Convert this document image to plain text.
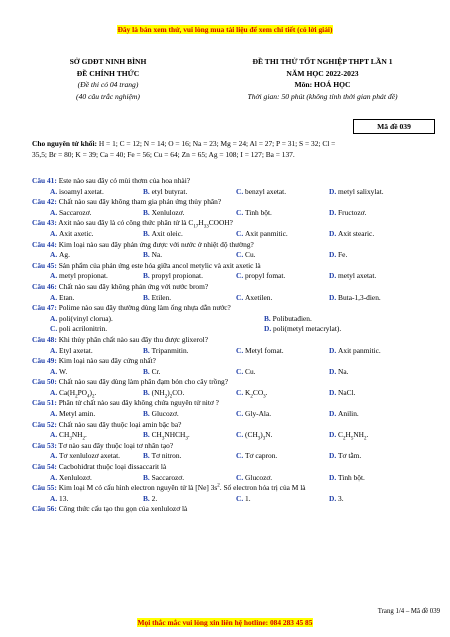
Đây là bản xem thử, vui lòng mua tài liệu để xem chi tiết (có lời giải)
SỞ GDĐT NINH BÌNH
ĐỀ CHÍNH THỨC
(Đề thi có 04 trang)
(40 câu trắc nghiệm)
ĐỀ THI THỬ TỐT NGHIỆP THPT LẦN 1
NĂM HỌC 2022-2023
Môn: HOÁ HỌC
Thời gian: 50 phút (không tính thời gian phát đề)
Mã đề 039
Cho nguyên tử khối: H = 1; C = 12; N = 14; O = 16; Na = 23; Mg = 24; Al = 27; P = 31; S = 32; Cl =
35,5; Br = 80; K = 39; Ca = 40; Fe = 56; Cu = 64; Zn = 65; Ag = 108; I = 127; Ba = 137.
Câu 41: Este nào sau đây có mùi thơm của hoa nhài?
A. isoamyl axetat.	B. etyl butyrat.	C. benzyl axetat.	D. metyl salixylat.
Câu 42: Chất nào sau đây không tham gia phản ứng thủy phân?
A. Saccarozơ.	B. Xenlulozơ.	C. Tinh bột.	D. Fructozơ.
Câu 43: Axit nào sau đây là có công thức phân tử là $C_{17}H_{33}COOH$?
A. Axit axetic.	B. Axit oleic.	C. Axit panmitic.	D. Axit stearic.
Câu 44: Kim loại nào sau đây phản ứng được với nước ở nhiệt độ thường?
A. Ag.	B. Na.	C. Cu.	D. Fe.
Câu 45: Sản phẩm của phản ứng este hóa giữa ancol metylic và axit axetic là
A. metyl propionat.	B. propyl propionat.	C. propyl fomat.	D. metyl axetat.
Câu 46: Chất nào sau đây không phản ứng với nước brom?
A. Etan.	B. Etilen.	C. Axetilen.	D. Buta-1,3-đien.
Câu 47: Polime nào sau đây thường dùng làm ống nhựa dẫn nước?
A. poli(vinyl clorua).	B. Polibutađien.
C. poli acrilonitrin.	D. poli(metyl metacrylat).
Câu 48: Khi thủy phân chất nào sau đây thu được glixerol?
A. Etyl axetat.	B. Tripanmitin.	C. Metyl fomat.	D. Axit panmitic.
Câu 49: Kim loại nào sau đây cứng nhất?
A. W.	B. Cr.	C. Cu.	D. Na.
Câu 50: Chất nào sau đây dùng làm phân đạm bón cho cây trồng?
A. $Ca(H_2PO_4)_2$.	B. $(NH_2)_2CO$.	C. $K_2CO_3$.	D. NaCl.
Câu 51: Phân tử chất nào sau đây không chứa nguyên tử nitơ ?
A. Metyl amin.	B. Glucozơ.	C. Gly-Ala.	D. Anilin.
Câu 52: Chất nào sau đây thuộc loại amin bậc ba?
A. $CH_3NH_2$.	B. $CH_3NHCH_3$.	C. $(CH_3)_3N$.	D. $C_2H_5NH_2$.
Câu 53: Tơ nào sau đây thuộc loại tơ nhân tạo?
A. Tơ xenlulozơ axetat.	B. Tơ nitron.	C. Tơ capron.	D. Tơ tằm.
Câu 54: Cacbohiđrat thuộc loại đissaccarit là
A. Xenlulozơ.	B. Saccarozơ.	C. Glucozơ.	D. Tinh bột.
Câu 55: Kim loại M có cấu hình electron nguyên tử là [Ne] $3s^2$. Số electron hóa trị của M là
A. 13.	B. 2.	C. 1.	D. 3.
Câu 56: Công thức cấu tạo thu gọn của xenlulozơ là
Trang 1/4 – Mã đề 039
Mọi thắc mắc vui lòng xin liên hệ hotline: 084 283 45 85
